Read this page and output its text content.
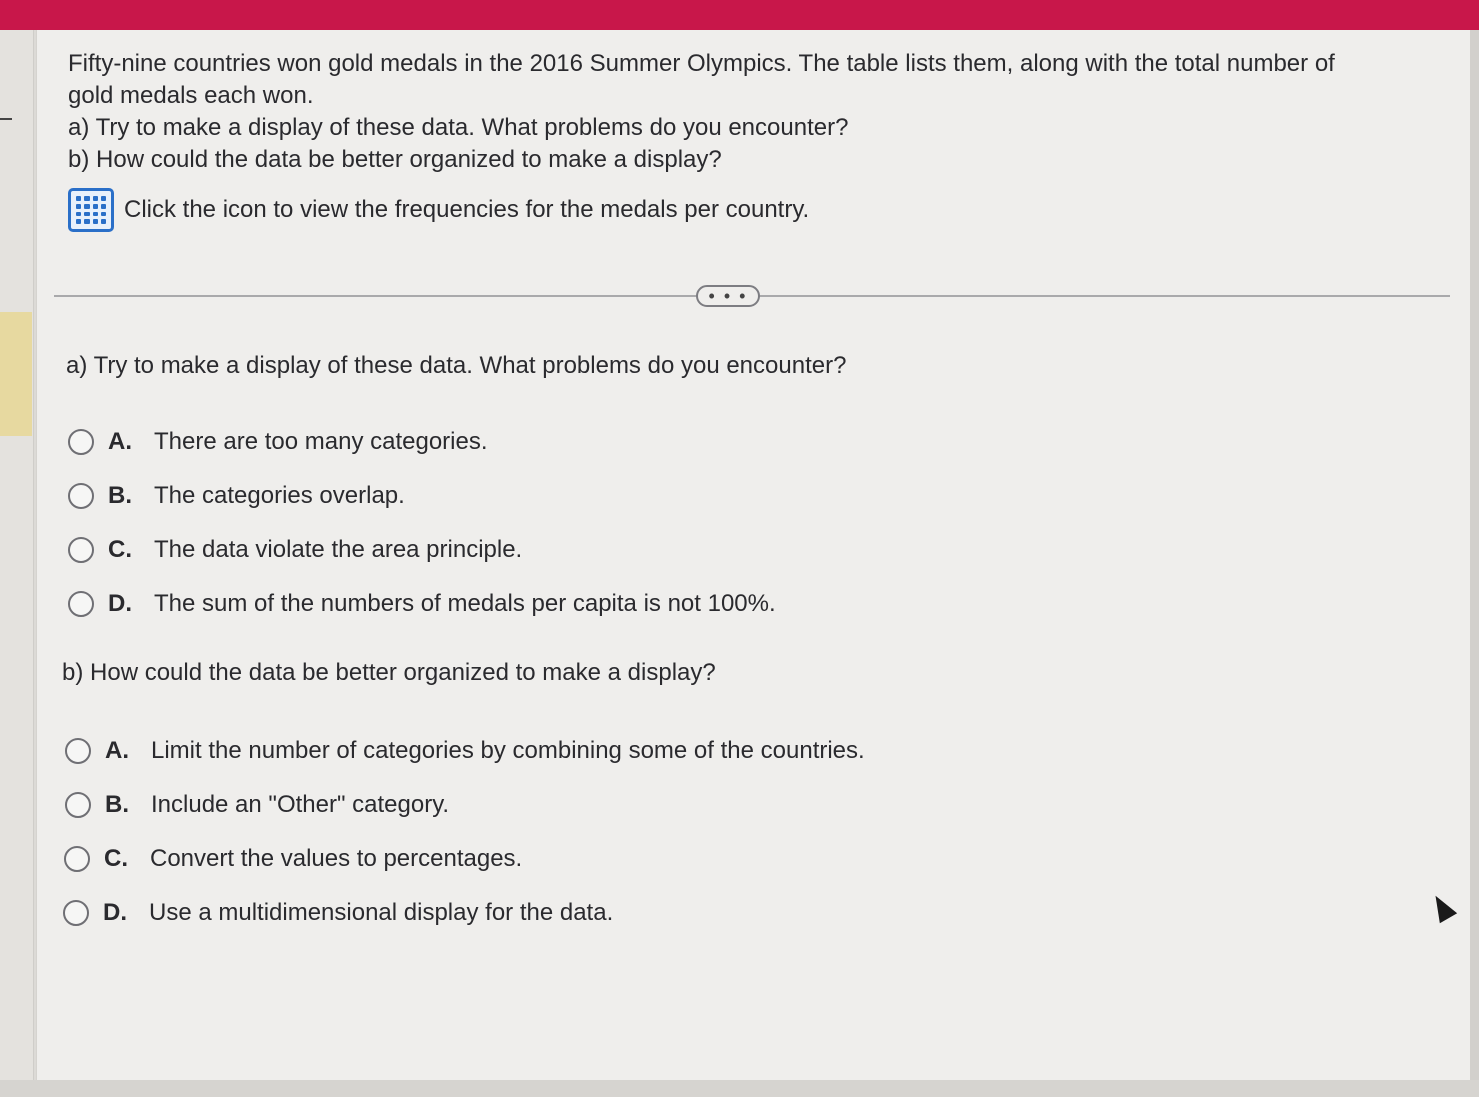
Fifty-nine countries won gold medals in the 2016 Summer Olympics. The table lists them, along with the total number of

gold medals each won.

a) Try to make a display of these data. What problems do you encounter?

b) How could the data be better organized to make a display?

Click the icon to view the frequencies for the medals per country.
• • •
a) Try to make a display of these data. What problems do you encounter?
A. There are too many categories.
B. The categories overlap.
C. The data violate the area principle.
D. The sum of the numbers of medals per capita is not 100%.
b) How could the data be better organized to make a display?
A. Limit the number of categories by combining some of the countries.
B. Include an "Other" category.
C. Convert the values to percentages.
D. Use a multidimensional display for the data.
